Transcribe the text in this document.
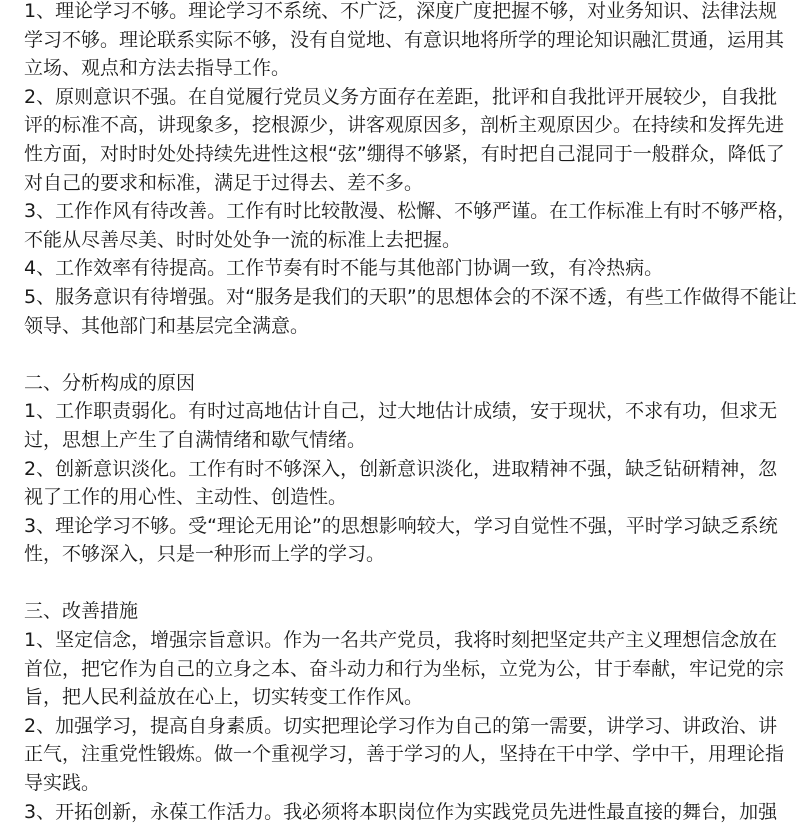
1、理论学习不够。理论学习不系统、不广泛，深度广度把握不够，对业务知识、法律法规
学习不够。理论联系实际不够，没有自觉地、有意识地将所学的理论知识融汇贯通，运用其
立场、观点和方法去指导工作。
2、原则意识不强。在自觉履行党员义务方面存在差距，批评和自我批评开展较少，自我批
评的标准不高，讲现象多，挖根源少，讲客观原因多，剖析主观原因少。在持续和发挥先进
性方面，对时时处处持续先进性这根“弦”绷得不够紧，有时把自己混同于一般群众，降低了
对自己的要求和标准，满足于过得去、差不多。
3、工作作风有待改善。工作有时比较散漫、松懈、不够严谨。在工作标准上有时不够严格，
不能从尽善尽美、时时处处争一流的标准上去把握。
4、工作效率有待提高。工作节奏有时不能与其他部门协调一致，有冷热病。
5、服务意识有待增强。对“服务是我们的天职”的思想体会的不深不透，有些工作做得不能让
领导、其他部门和基层完全满意。
二、分析构成的原因
1、工作职责弱化。有时过高地估计自己，过大地估计成绩，安于现状，不求有功，但求无
过，思想上产生了自满情绪和歇气情绪。
2、创新意识淡化。工作有时不够深入，创新意识淡化，进取精神不强，缺乏钻研精神，忽
视了工作的用心性、主动性、创造性。
3、理论学习不够。受“理论无用论”的思想影响较大，学习自觉性不强，平时学习缺乏系统
性，不够深入，只是一种形而上学的学习。
三、改善措施
1、坚定信念，增强宗旨意识。作为一名共产党员，我将时刻把坚定共产主义理想信念放在
首位，把它作为自己的立身之本、奋斗动力和行为坐标，立党为公，甘于奉献，牢记党的宗
旨，把人民利益放在心上，切实转变工作作风。
2、加强学习，提高自身素质。切实把理论学习作为自己的第一需要，讲学习、讲政治、讲
正气，注重党性锻炼。做一个重视学习，善于学习的人，坚持在干中学、学中干，用理论指
导实践。
3、开拓创新，永葆工作活力。我必须将本职岗位作为实践党员先进性最直接的舞台，加强
